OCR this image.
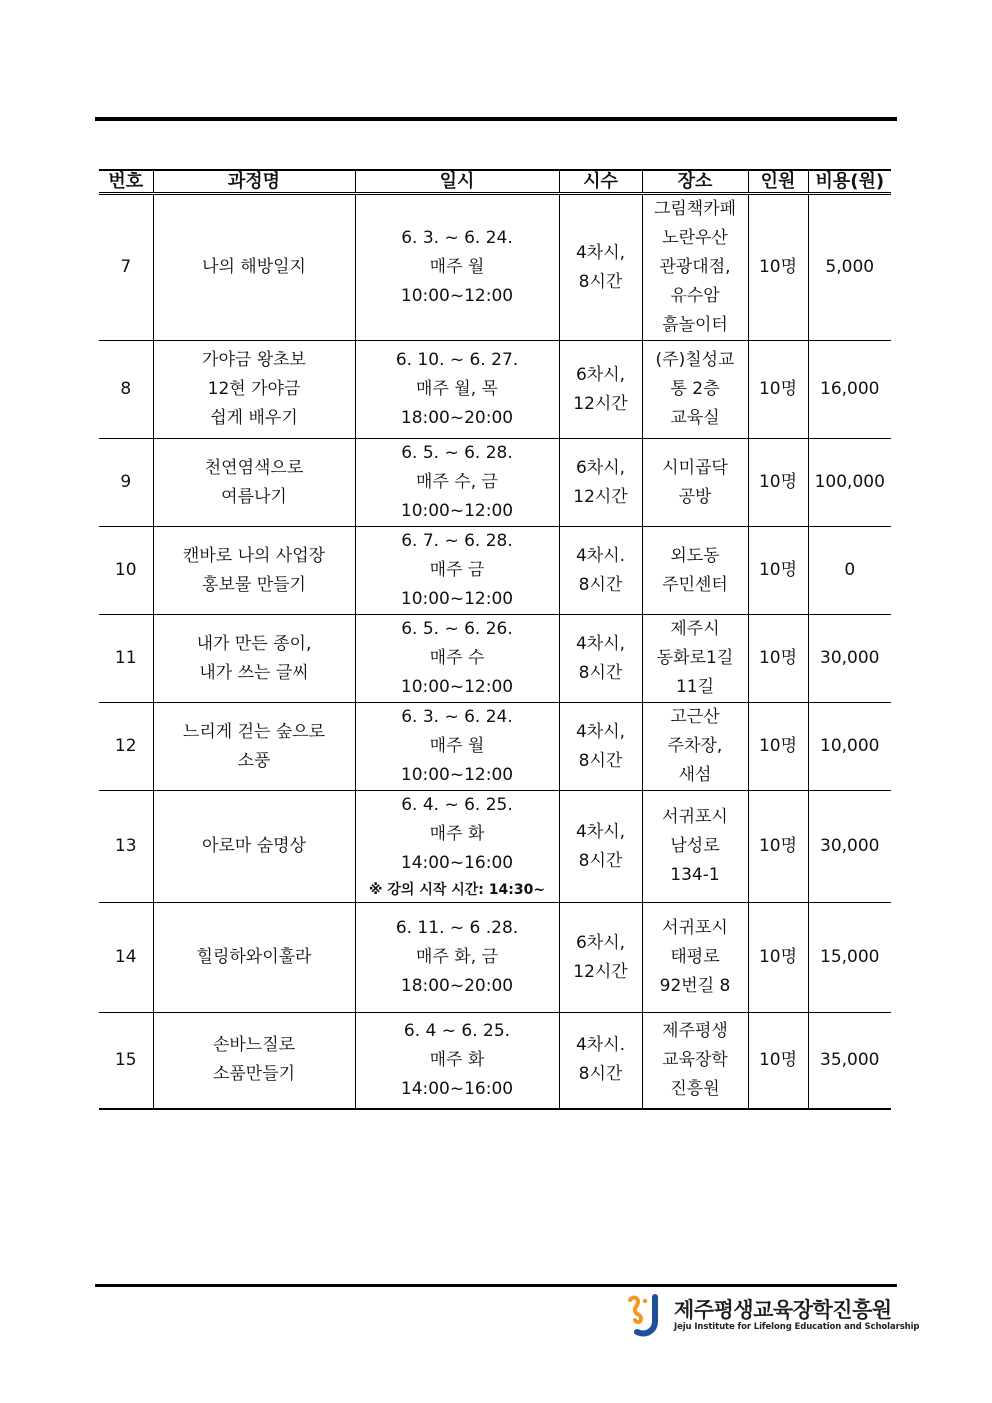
번호	과정명	일시	시수	장소	인원	비용(원)
7	나의 해방일지	6. 3. ~ 6. 24.
매주 월
10:00~12:00	4차시,
8시간	그림책카페
노란우산
관광대점,
유수암
흙놀이터	10명	5,000
8	가야금 왕초보
12현 가야금
쉽게 배우기	6. 10. ~ 6. 27.
매주 월, 목
18:00~20:00	6차시,
12시간	(주)칠성교
통 2층
교육실	10명	16,000
9	천연염색으로
여름나기	6. 5. ~ 6. 28.
매주 수, 금
10:00~12:00	6차시,
12시간	시미곱닥
공방	10명	100,000
10	캔바로 나의 사업장
홍보물 만들기	6. 7. ~ 6. 28.
매주 금
10:00~12:00	4차시.
8시간	외도동
주민센터	10명	0
11	내가 만든 종이,
내가 쓰는 글씨	6. 5. ~ 6. 26.
매주 수
10:00~12:00	4차시,
8시간	제주시
동화로1길
11길	10명	30,000
12	느리게 걷는 숲으로
소풍	6. 3. ~ 6. 24.
매주 월
10:00~12:00	4차시,
8시간	고근산
주차장,
새섬	10명	10,000
13	아로마 숨명상	6. 4. ~ 6. 25.
매주 화
14:00~16:00
※ 강의 시작 시간: 14:30~	4차시,
8시간	서귀포시
남성로
134-1	10명	30,000
14	힐링하와이훌라	6. 11. ~ 6 .28.
매주 화, 금
18:00~20:00	6차시,
12시간	서귀포시
태평로
92번길 8	10명	15,000
15	손바느질로
소품만들기	6. 4 ~ 6. 25.
매주 화
14:00~16:00	4차시.
8시간	제주평생
교육장학
진흥원	10명	35,000
제주평생교육장학진흥원
Jeju Institute for Lifelong Education and Scholarship
